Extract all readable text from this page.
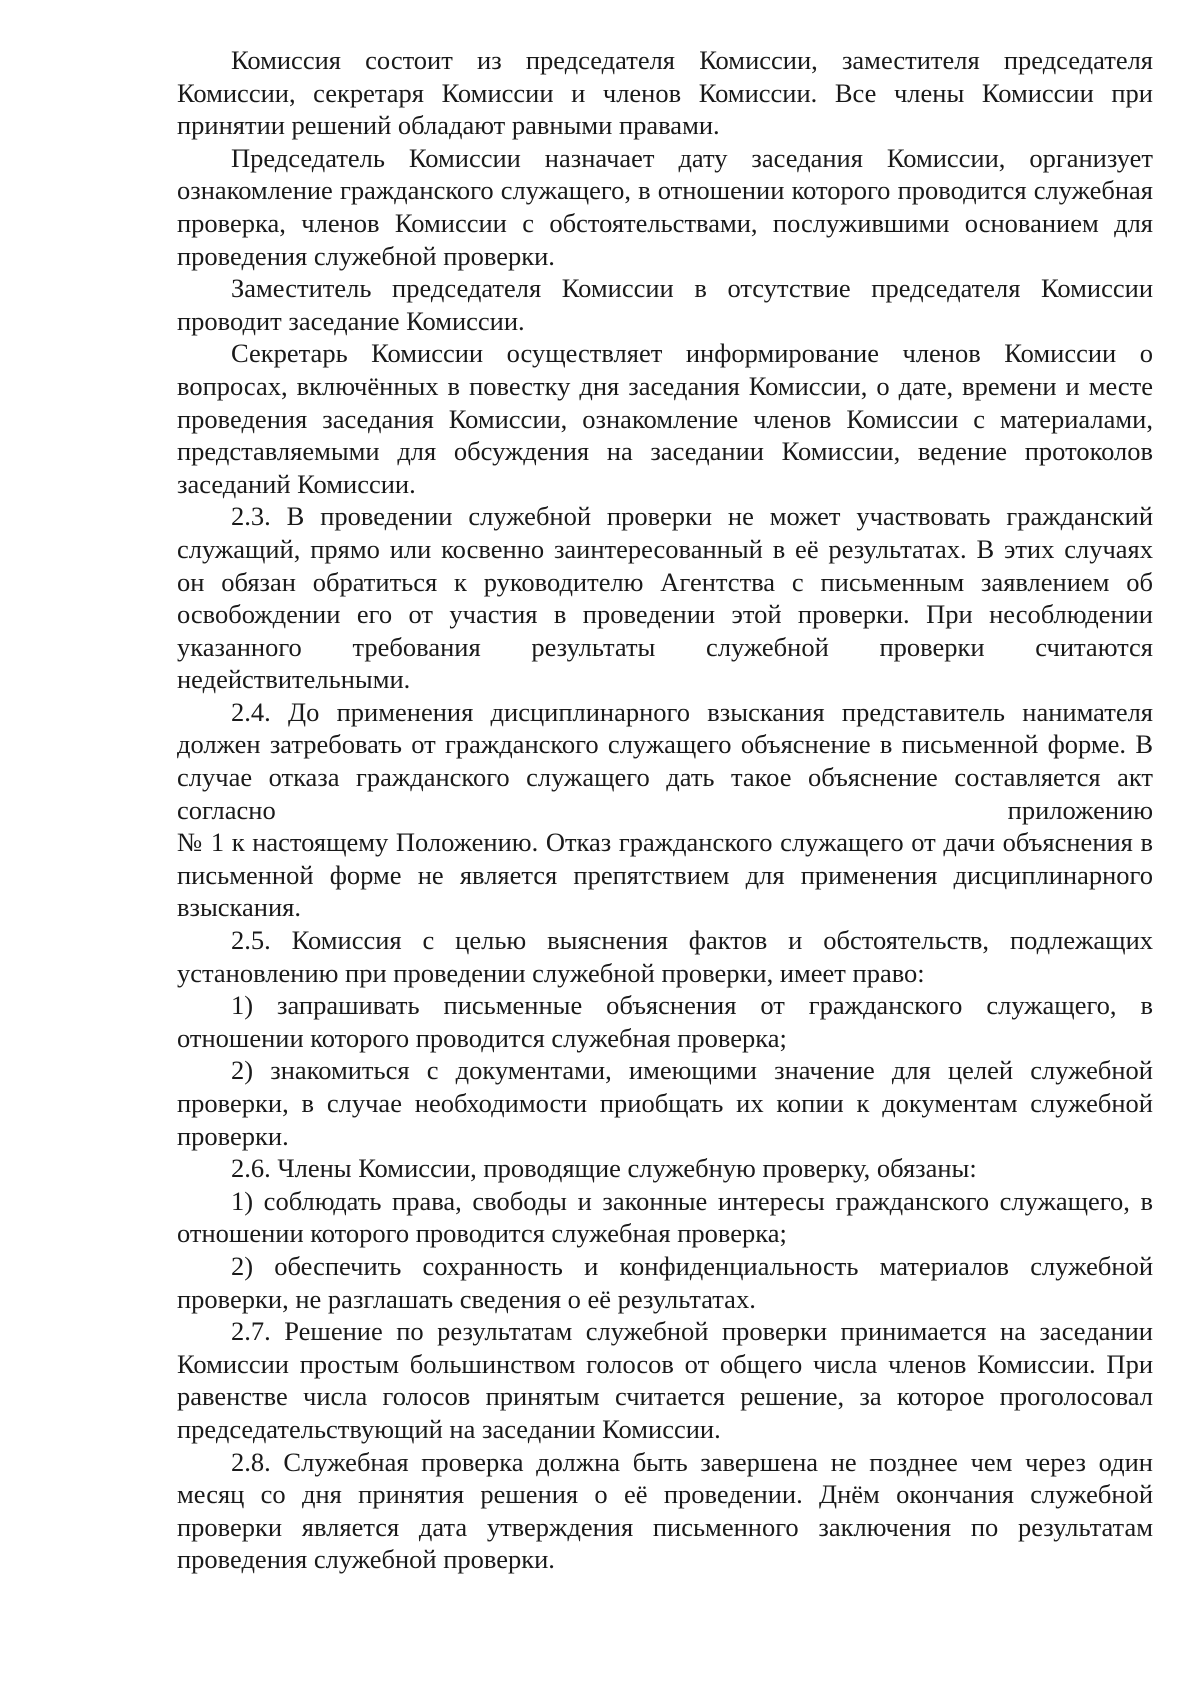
Комиссия состоит из председателя Комиссии, заместителя председателя Комиссии, секретаря Комиссии и членов Комиссии. Все члены Комиссии при принятии решений обладают равными правами.

Председатель Комиссии назначает дату заседания Комиссии, организует ознакомление гражданского служащего, в отношении которого проводится служебная проверка, членов Комиссии с обстоятельствами, послужившими основанием для проведения служебной проверки.

Заместитель председателя Комиссии в отсутствие председателя Комиссии проводит заседание Комиссии.

Секретарь Комиссии осуществляет информирование членов Комиссии о вопросах, включённых в повестку дня заседания Комиссии, о дате, времени и месте проведения заседания Комиссии, ознакомление членов Комиссии с материалами, представляемыми для обсуждения на заседании Комиссии, ведение протоколов заседаний Комиссии.

2.3. В проведении служебной проверки не может участвовать гражданский служащий, прямо или косвенно заинтересованный в её результатах. В этих случаях он обязан обратиться к руководителю Агентства с письменным заявлением об освобождении его от участия в проведении этой проверки. При несоблюдении указанного требования результаты служебной проверки считаются недействительными.

2.4. До применения дисциплинарного взыскания представитель нанимателя должен затребовать от гражданского служащего объяснение в письменной форме. В случае отказа гражданского служащего дать такое объяснение составляется акт согласно приложению

№ 1 к настоящему Положению. Отказ гражданского служащего от дачи объяснения в письменной форме не является препятствием для применения дисциплинарного взыскания.

2.5. Комиссия с целью выяснения фактов и обстоятельств, подлежащих установлению при проведении служебной проверки, имеет право:

1) запрашивать письменные объяснения от гражданского служащего, в отношении которого проводится служебная проверка;

2) знакомиться с документами, имеющими значение для целей служебной проверки, в случае необходимости приобщать их копии к документам служебной проверки.

2.6. Члены Комиссии, проводящие служебную проверку, обязаны:

1) соблюдать права, свободы и законные интересы гражданского служащего, в отношении которого проводится служебная проверка;

2) обеспечить сохранность и конфиденциальность материалов служебной проверки, не разглашать сведения о её результатах.

2.7. Решение по результатам служебной проверки принимается на заседании Комиссии простым большинством голосов от общего числа членов Комиссии. При равенстве числа голосов принятым считается решение, за которое проголосовал председательствующий на заседании Комиссии.

2.8. Служебная проверка должна быть завершена не позднее чем через один месяц со дня принятия решения о её проведении. Днём окончания служебной проверки является дата утверждения письменного заключения по результатам проведения служебной проверки.
